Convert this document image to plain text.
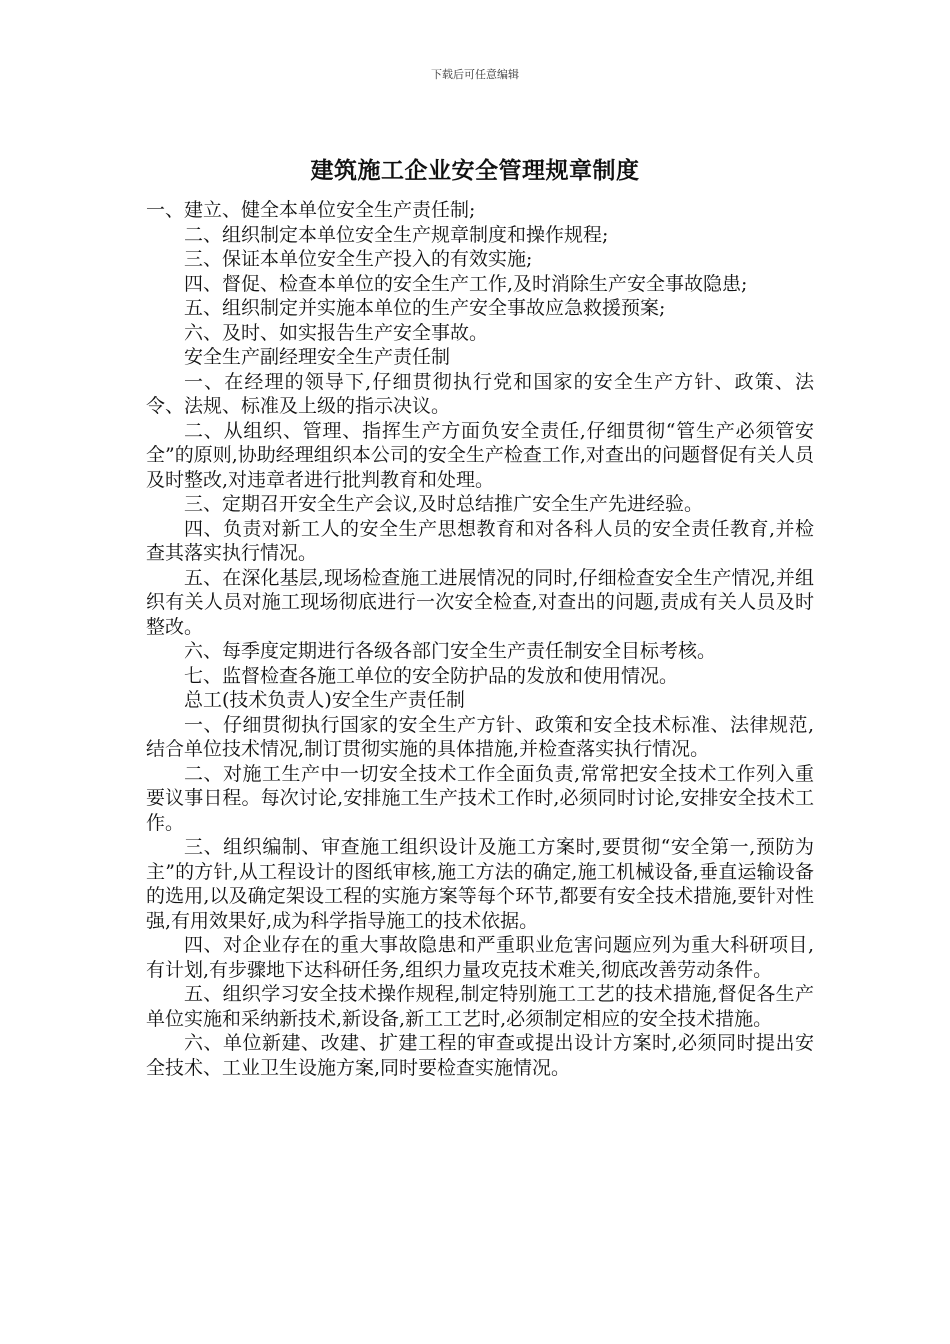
下载后可任意编辑
建筑施工企业安全管理规章制度

一、建立、健全本单位安全生产责任制;

二、组织制定本单位安全生产规章制度和操作规程;

三、保证本单位安全生产投入的有效实施;

四、督促、检查本单位的安全生产工作,及时消除生产安全事故隐患;

五、组织制定并实施本单位的生产安全事故应急救援预案;

六、及时、如实报告生产安全事故。

安全生产副经理安全生产责任制

一、在经理的领导下,仔细贯彻执行党和国家的安全生产方针、政策、法令、法规、标准及上级的指示决议。

二、从组织、管理、指挥生产方面负安全责任,仔细贯彻“管生产必须管安全”的原则,协助经理组织本公司的安全生产检查工作,对查出的问题督促有关人员及时整改,对违章者进行批判教育和处理。

三、定期召开安全生产会议,及时总结推广安全生产先进经验。

四、负责对新工人的安全生产思想教育和对各科人员的安全责任教育,并检查其落实执行情况。

五、在深化基层,现场检查施工进展情况的同时,仔细检查安全生产情况,并组织有关人员对施工现场彻底进行一次安全检查,对查出的问题,责成有关人员及时整改。

六、每季度定期进行各级各部门安全生产责任制安全目标考核。

七、监督检查各施工单位的安全防护品的发放和使用情况。

总工(技术负责人)安全生产责任制

一、仔细贯彻执行国家的安全生产方针、政策和安全技术标准、法律规范,结合单位技术情况,制订贯彻实施的具体措施,并检查落实执行情况。

二、对施工生产中一切安全技术工作全面负责,常常把安全技术工作列入重要议事日程。每次讨论,安排施工生产技术工作时,必须同时讨论,安排安全技术工作。

三、组织编制、审查施工组织设计及施工方案时,要贯彻“安全第一,预防为主”的方针,从工程设计的图纸审核,施工方法的确定,施工机械设备,垂直运输设备的选用,以及确定架设工程的实施方案等每个环节,都要有安全技术措施,要针对性强,有用效果好,成为科学指导施工的技术依据。

四、对企业存在的重大事故隐患和严重职业危害问题应列为重大科研项目,有计划,有步骤地下达科研任务,组织力量攻克技术难关,彻底改善劳动条件。

五、组织学习安全技术操作规程,制定特别施工工艺的技术措施,督促各生产单位实施和采纳新技术,新设备,新工工艺时,必须制定相应的安全技术措施。

六、单位新建、改建、扩建工程的审查或提出设计方案时,必须同时提出安全技术、工业卫生设施方案,同时要检查实施情况。
